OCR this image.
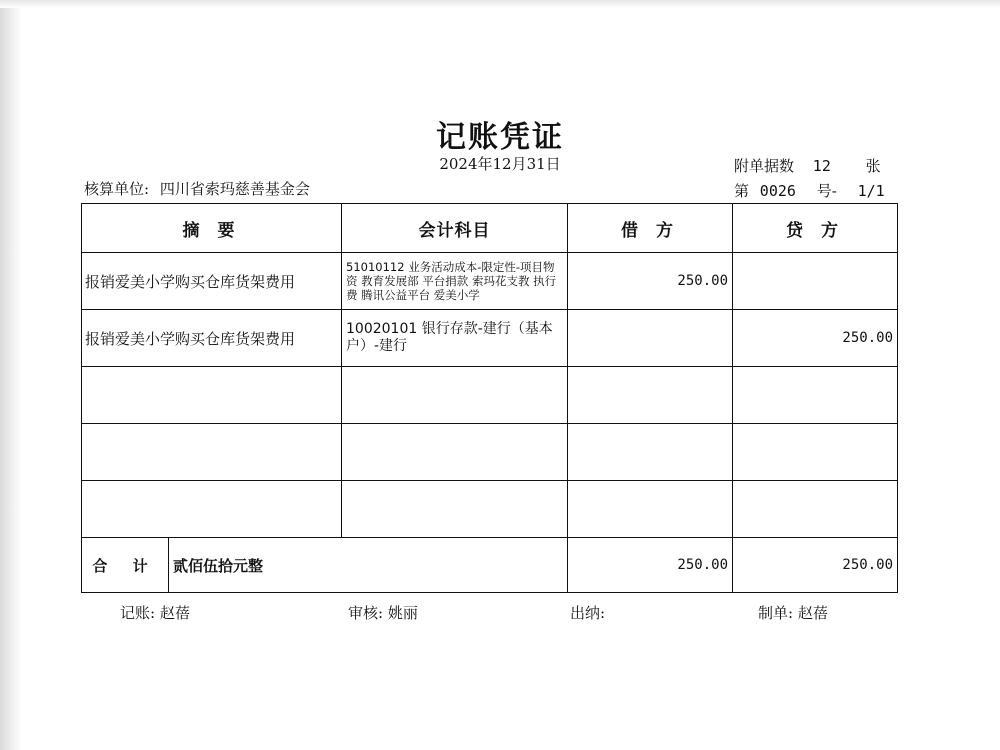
记账凭证
2024年12月31日
核算单位: 四川省索玛慈善基金会
附单据数 12 张
第 0026 号- 1/1
摘 要	会计科目	借 方	贷 方
报销爱美小学购买仓库货架费用	51010112 业务活动成本-限定性-项目物资 教育发展部 平台捐款 索玛花支教 执行费 腾讯公益平台 爱美小学	250.00	
报销爱美小学购买仓库货架费用	10020101 银行存款-建行（基本户）-建行		250.00

合 计 贰佰伍拾元整		250.00	250.00
记账: 赵蓓	审核: 姚丽	出纳:	制单: 赵蓓
